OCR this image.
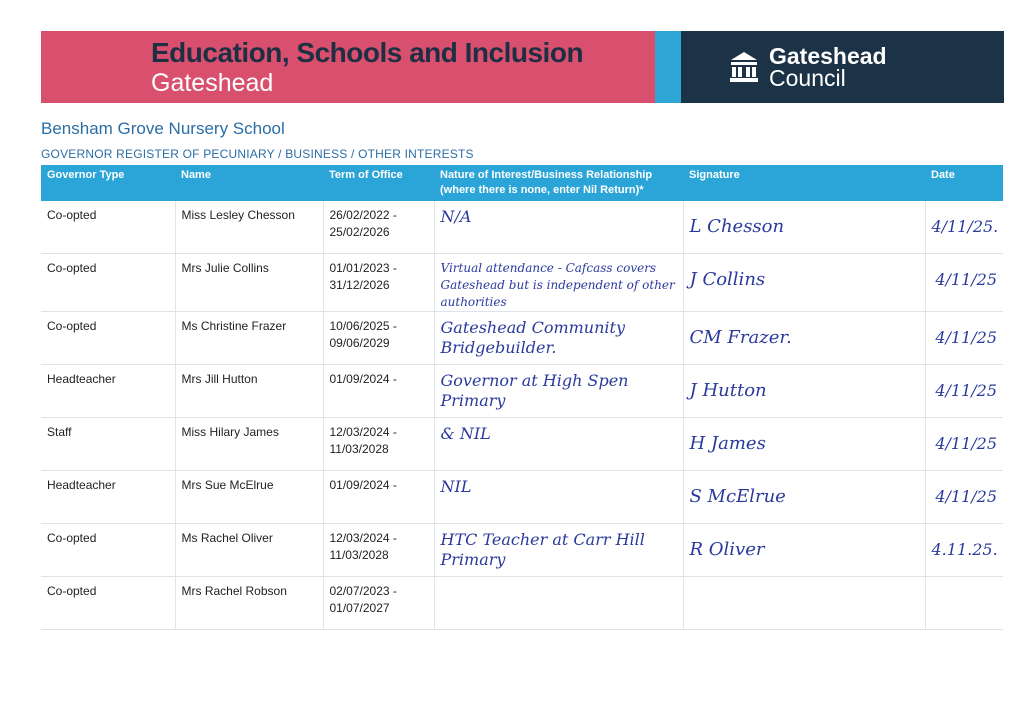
Education, Schools and Inclusion
Gateshead
Gateshead
Council
Bensham Grove Nursery School
GOVERNOR REGISTER OF PECUNIARY / BUSINESS / OTHER INTERESTS
Governor Type	Name	Term of Office	Nature of Interest/Business Relationship
(where there is none, enter Nil Return)*	Signature	Date
Co-opted	Miss Lesley Chesson	26/02/2022 -
25/02/2026	N/A	L Chesson	4/11/25.

Co-opted	Mrs Julie Collins	01/01/2023 -
31/12/2026	Virtual attendance - Cafcass covers Gateshead but is independent of other authorities	J Collins	4/11/25

Co-opted	Ms Christine Frazer	10/06/2025 -
09/06/2029	Gateshead Community Bridgebuilder.	CM Frazer.	4/11/25

Headteacher	Mrs Jill Hutton	01/09/2024 -	Governor at High Spen Primary	J Hutton	4/11/25

Staff	Miss Hilary James	12/03/2024 -
11/03/2028	& NIL	H James	4/11/25

Headteacher	Mrs Sue McElrue	01/09/2024 -	NIL	S McElrue	4/11/25

Co-opted	Ms Rachel Oliver	12/03/2024 -
11/03/2028	HTC Teacher at Carr Hill Primary	R Oliver	4.11.25.

Co-opted	Mrs Rachel Robson	02/07/2023 -
01/07/2027		
